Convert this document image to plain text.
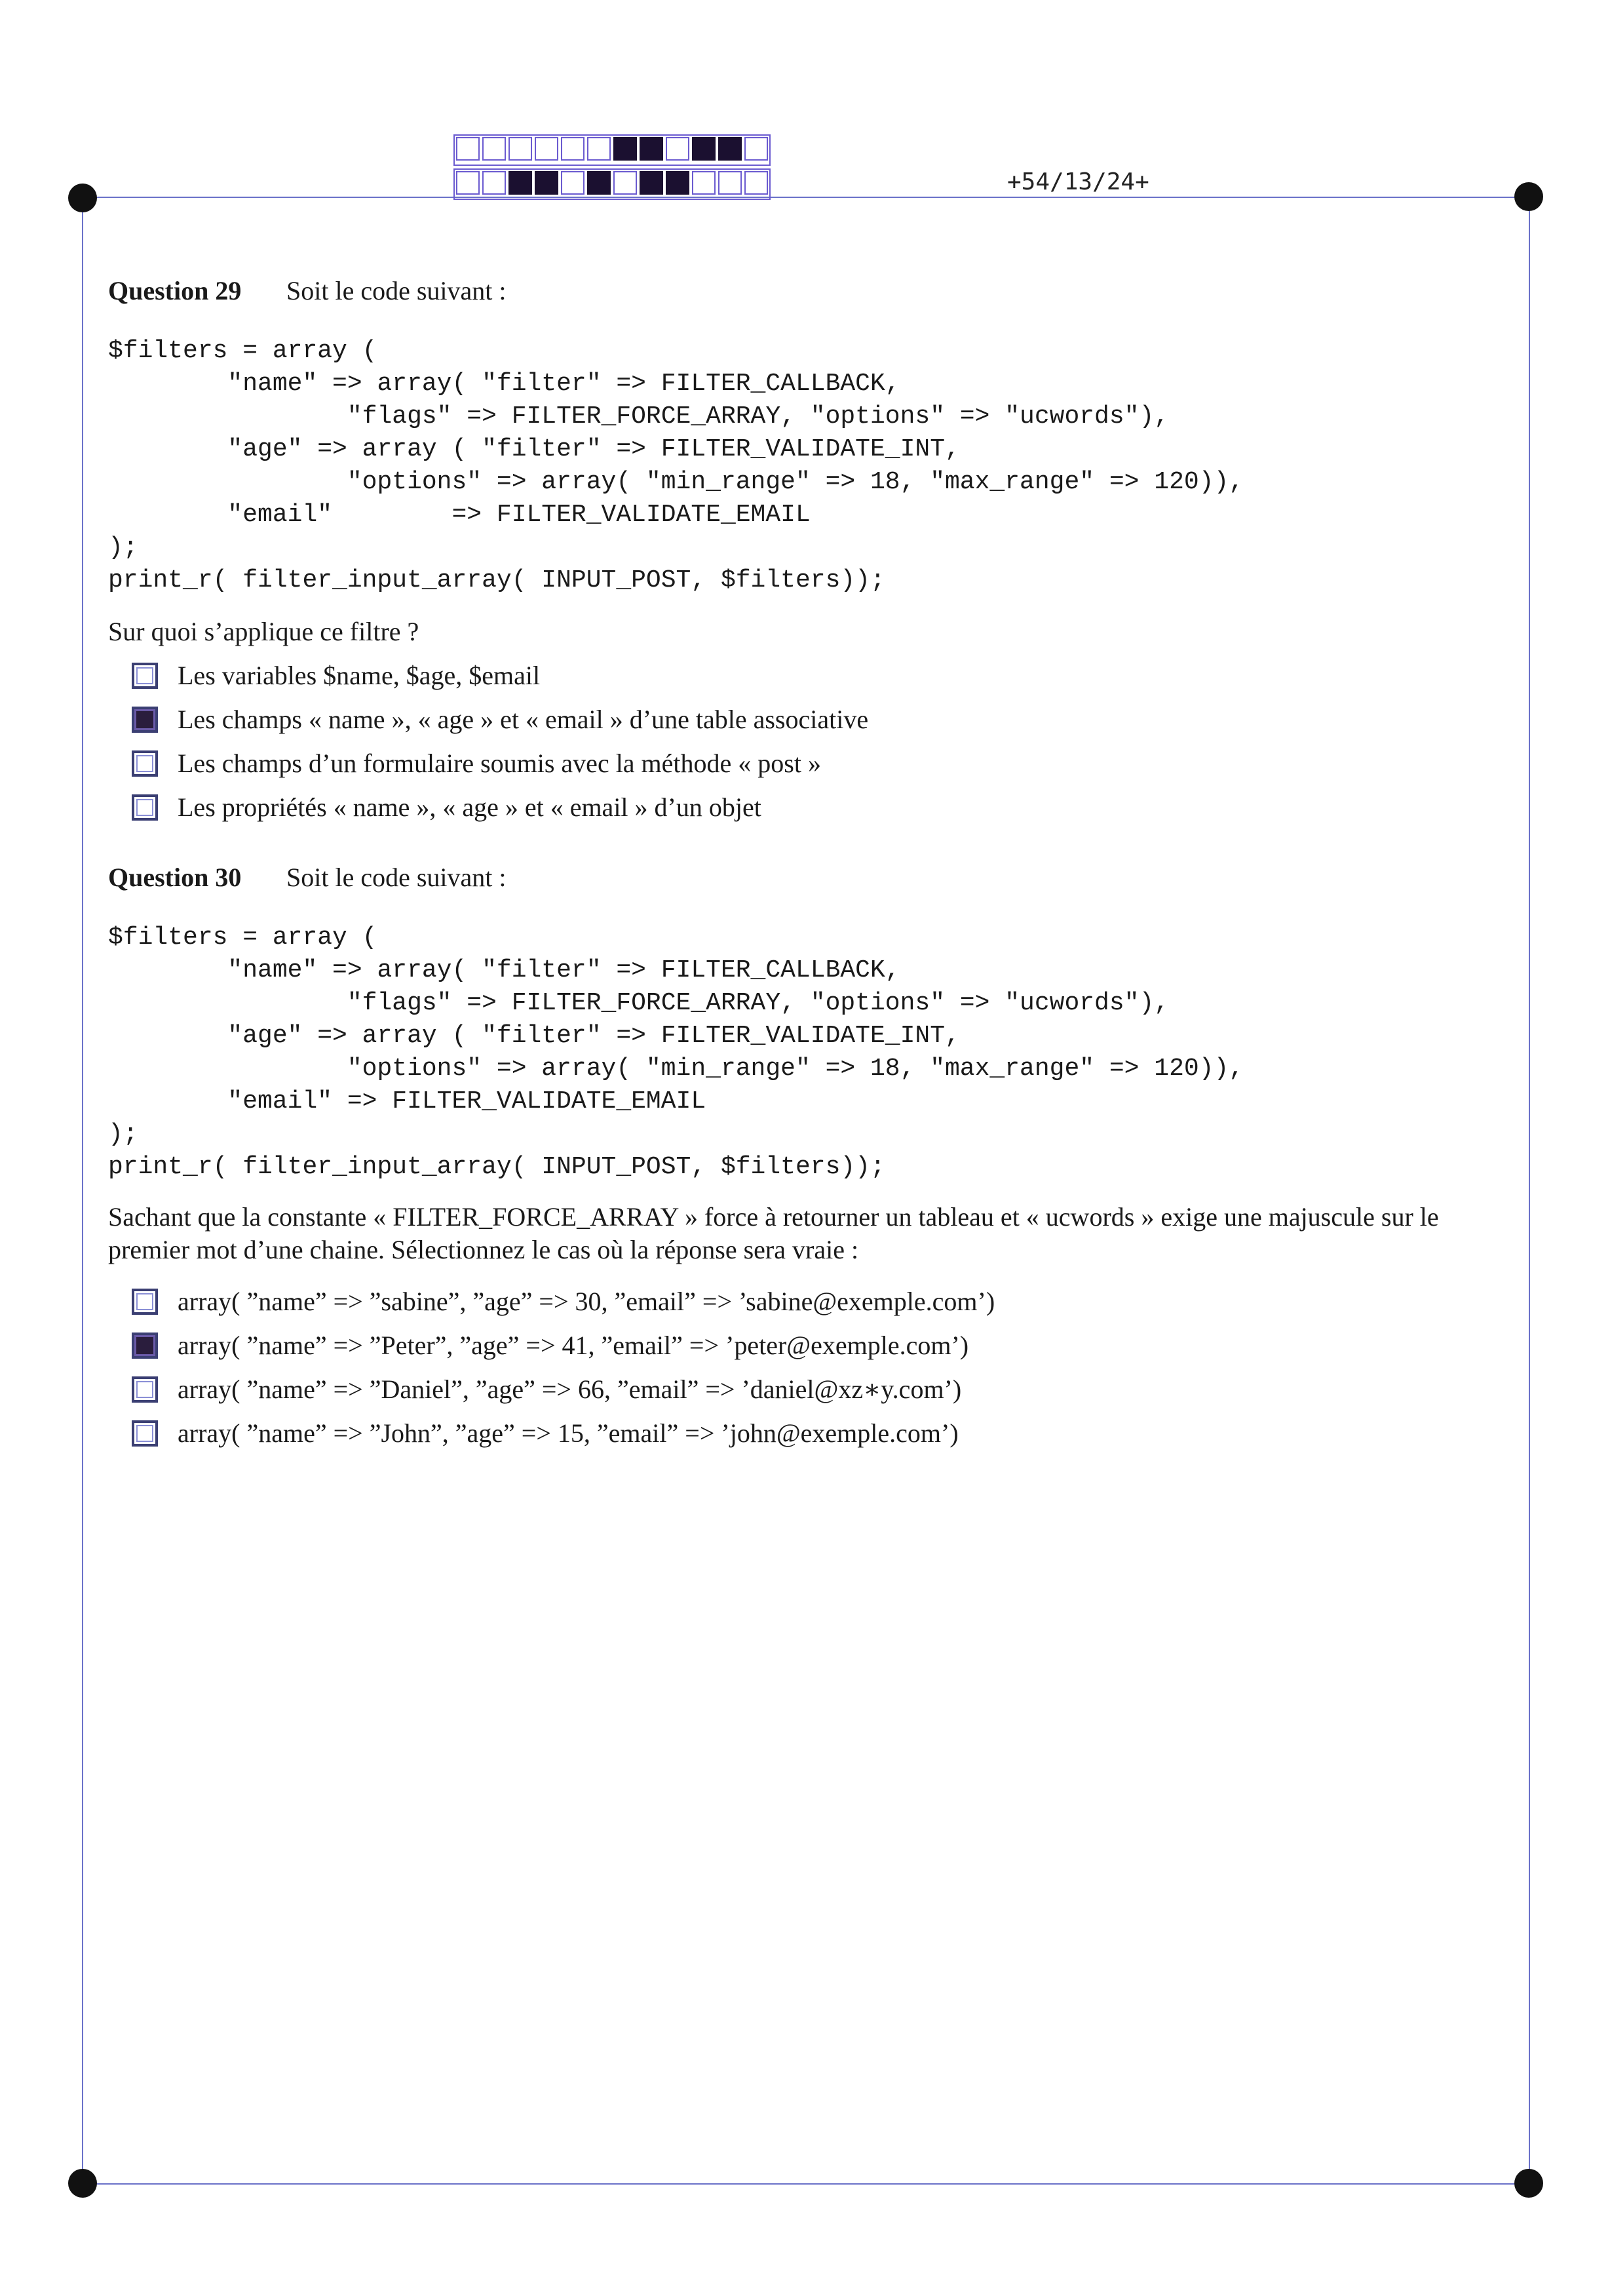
+54/13/24+

Question 29 Soit le code suivant :

$filters = array (
"name" => array( "filter" => FILTER_CALLBACK,
"flags" => FILTER_FORCE_ARRAY, "options" => "ucwords"),
"age" => array ( "filter" => FILTER_VALIDATE_INT,
"options" => array( "min_range" => 18, "max_range" => 120)),
"email"        => FILTER_VALIDATE_EMAIL
);
print_r( filter_input_array( INPUT_POST, $filters));

Sur quoi s’applique ce filtre ?

Les variables $name, $age, $email
Les champs « name », « age » et « email » d’une table associative
Les champs d’un formulaire soumis avec la méthode « post »
Les propriétés « name », « age » et « email » d’un objet

Question 30 Soit le code suivant :

$filters = array (
"name" => array( "filter" => FILTER_CALLBACK,
"flags" => FILTER_FORCE_ARRAY, "options" => "ucwords"),
"age" => array ( "filter" => FILTER_VALIDATE_INT,
"options" => array( "min_range" => 18, "max_range" => 120)),
"email" => FILTER_VALIDATE_EMAIL
);
print_r( filter_input_array( INPUT_POST, $filters));

Sachant que la constante « FILTER_FORCE_ARRAY » force à retourner un tableau et « ucwords » exige une majuscule sur le premier mot d’une chaine. Sélectionnez le cas où la réponse sera vraie :

array( ”name” => ”sabine”, ”age” => 30, ”email” => ’sabine@exemple.com’)
array( ”name” => ”Peter”, ”age” => 41, ”email” => ’peter@exemple.com’)
array( ”name” => ”Daniel”, ”age” => 66, ”email” => ’daniel@xz∗y.com’)
array( ”name” => ”John”, ”age” => 15, ”email” => ’john@exemple.com’)
